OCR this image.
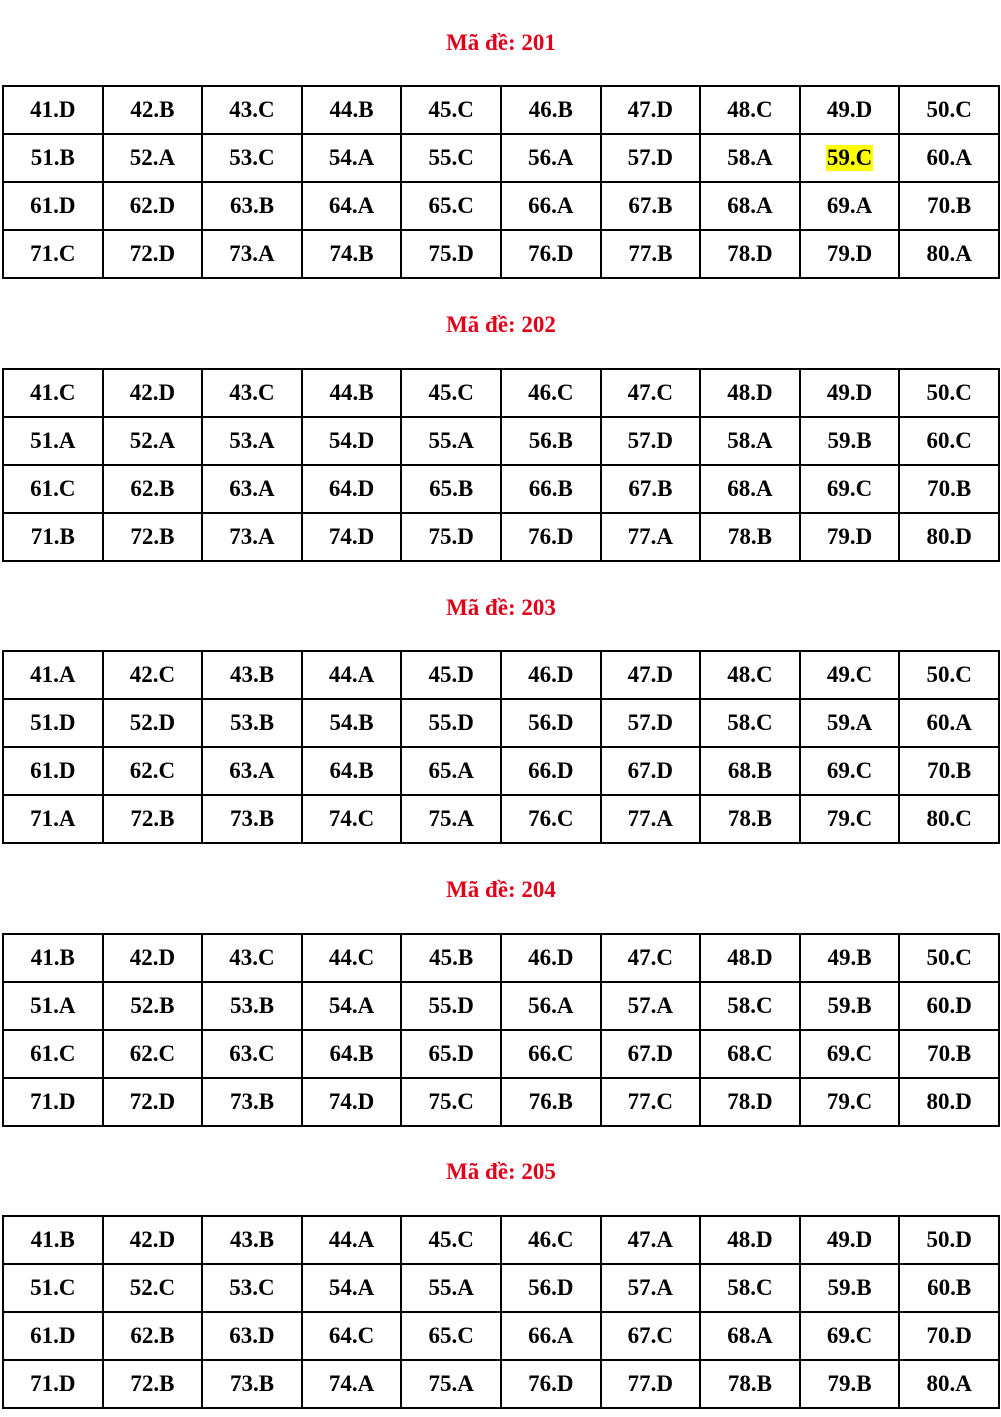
Mã đề: 201
41.D	42.B	43.C	44.B	45.C	46.B	47.D	48.C	49.D	50.C
51.B	52.A	53.C	54.A	55.C	56.A	57.D	58.A	59.C	60.A
61.D	62.D	63.B	64.A	65.C	66.A	67.B	68.A	69.A	70.B
71.C	72.D	73.A	74.B	75.D	76.D	77.B	78.D	79.D	80.A
Mã đề: 202
41.C	42.D	43.C	44.B	45.C	46.C	47.C	48.D	49.D	50.C
51.A	52.A	53.A	54.D	55.A	56.B	57.D	58.A	59.B	60.C
61.C	62.B	63.A	64.D	65.B	66.B	67.B	68.A	69.C	70.B
71.B	72.B	73.A	74.D	75.D	76.D	77.A	78.B	79.D	80.D
Mã đề: 203
41.A	42.C	43.B	44.A	45.D	46.D	47.D	48.C	49.C	50.C
51.D	52.D	53.B	54.B	55.D	56.D	57.D	58.C	59.A	60.A
61.D	62.C	63.A	64.B	65.A	66.D	67.D	68.B	69.C	70.B
71.A	72.B	73.B	74.C	75.A	76.C	77.A	78.B	79.C	80.C
Mã đề: 204
41.B	42.D	43.C	44.C	45.B	46.D	47.C	48.D	49.B	50.C
51.A	52.B	53.B	54.A	55.D	56.A	57.A	58.C	59.B	60.D
61.C	62.C	63.C	64.B	65.D	66.C	67.D	68.C	69.C	70.B
71.D	72.D	73.B	74.D	75.C	76.B	77.C	78.D	79.C	80.D
Mã đề: 205
41.B	42.D	43.B	44.A	45.C	46.C	47.A	48.D	49.D	50.D
51.C	52.C	53.C	54.A	55.A	56.D	57.A	58.C	59.B	60.B
61.D	62.B	63.D	64.C	65.C	66.A	67.C	68.A	69.C	70.D
71.D	72.B	73.B	74.A	75.A	76.D	77.D	78.B	79.B	80.A
